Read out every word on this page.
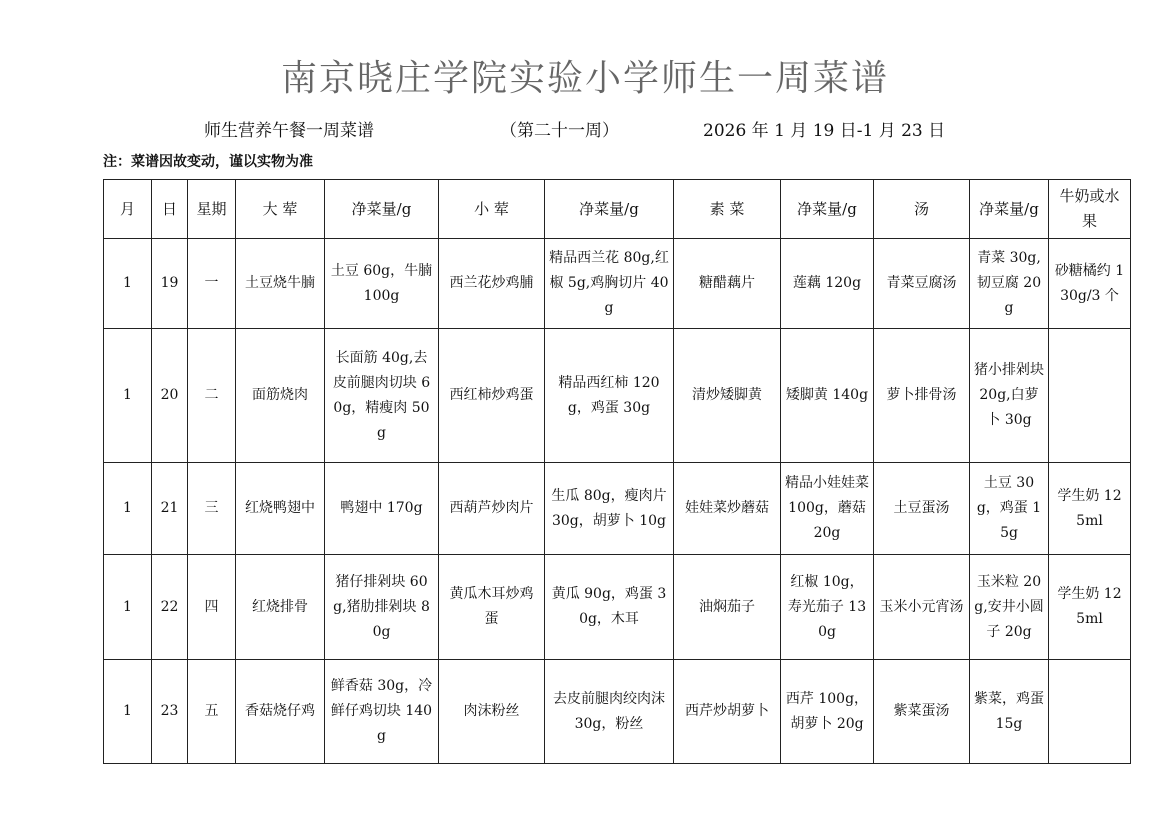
南京晓庄学院实验小学师生一周菜谱
师生营养午餐一周菜谱	（第二十一周）	2026 年 1 月 19 日-1 月 23 日
注：菜谱因故变动，谨以实物为准
月	日	星期	大 荤	净菜量/g	小 荤	净菜量/g	素 菜	净菜量/g	汤	净菜量/g	牛奶或水果
1	19	一	土豆烧牛腩	土豆 60g，牛腩 100g	西兰花炒鸡脯	精品西兰花 80g,红椒 5g,鸡胸切片 40g	糖醋藕片	莲藕 120g	青菜豆腐汤	青菜 30g,韧豆腐 20g	砂糖橘约 130g/3 个
1	20	二	面筋烧肉	长面筋 40g,去皮前腿肉切块 60g，精瘦肉 50g	西红柿炒鸡蛋	精品西红柿 120g，鸡蛋 30g	清炒矮脚黄	矮脚黄 140g	萝卜排骨汤	猪小排剁块 20g,白萝卜 30g	
1	21	三	红烧鸭翅中	鸭翅中 170g	西葫芦炒肉片	生瓜 80g，瘦肉片 30g，胡萝卜 10g	娃娃菜炒蘑菇	精品小娃娃菜 100g，蘑菇 20g	土豆蛋汤	土豆 30g，鸡蛋 15g	学生奶 125ml
1	22	四	红烧排骨	猪仔排剁块 60g,猪肋排剁块 80g	黄瓜木耳炒鸡蛋	黄瓜 90g，鸡蛋 30g，木耳	油焖茄子	红椒 10g，寿光茄子 130g	玉米小元宵汤	玉米粒 20g,安井小圆子 20g	学生奶 125ml
1	23	五	香菇烧仔鸡	鲜香菇 30g，冷鲜仔鸡切块 140g	肉沫粉丝	去皮前腿肉绞肉沫 30g，粉丝	西芹炒胡萝卜	西芹 100g，胡萝卜 20g	紫菜蛋汤	紫菜，鸡蛋 15g	
